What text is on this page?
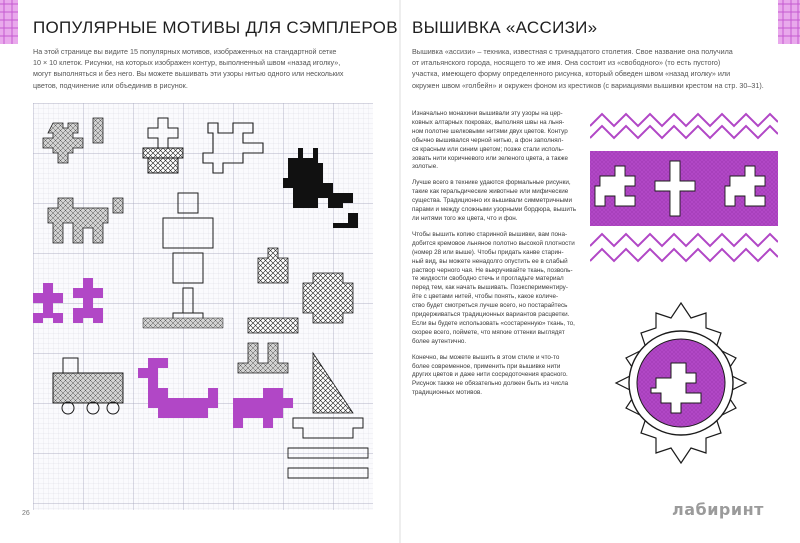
ПОПУЛЯРНЫЕ МОТИВЫ ДЛЯ СЭМПЛЕРОВ
На этой странице вы видите 15 популярных мотивов, изображенных на стандартной сетке
10 × 10 клеток. Рисунки, на которых изображен контур, выполненный швом «назад иголку»,
могут выполняться и без него. Вы можете вышивать эти узоры нитью одного или нескольких
цветов, подчинение или объединив в рисунок.
26
ВЫШИВКА «АССИЗИ»
Вышивка «ассизи» – техника, известная с тринадцатого столетия. Свое название она получила
от итальянского города, носящего то же имя. Она состоит из «свободного» (то есть пустого)
участка, имеющего форму определенного рисунка, который обведен швом «назад иголку» или
окружен швом «голбейн» и окружен фоном из крестиков (с вариациями вышивки крестом на стр. 30–31).

Изначально монахини вышивали эту узоры на цер-
ковных алтарных покровах, выполняя швы на льня-
ном полотне шелковыми нитями двух цветов. Контур
обычно вышивался черной нитью, а фон заполнял-
ся красным или синим цветом; позже стали исполь-
зовать нити коричневого или зеленого цвета, а также
золотые.

Лучше всего в технике удаются формальные рисунки,
такие как геральдические животные или мифические
существа. Традиционно их вышивали симметричными
парами и между сложными узорными бордюра, вышить
ли нитями того же цвета, что и фон.

Чтобы вышить копию старинной вышивки, вам пона-
добится кремовое льняное полотно высокой плотности
(номер 28 или выше). Чтобы придать канве старин-
ный вид, вы можете ненадолго опустить ее в слабый
раствор черного чая. Не выкручивайте ткань, позволь-
те жидкости свободно стечь и прогладьте материал
перед тем, как начать вышивать. Поэкспериментиру-
йте с цветами нитей, чтобы понять, какое количе-
ство будет смотреться лучше всего, но постарайтесь
придерживаться традиционных вариантов расцветки.
Если вы будете использовать «состаренную» ткань, то,
скорее всего, поймете, что мягкие оттенки выглядят
более аутентично.

Конечно, вы можете вышить в этом стиле и что-то
более современное, применить при вышивке нити
других цветов и даже нити сосредоточения красного.
Рисунок также не обязательно должен быть из числа
традиционных мотивов.

лабиринт
